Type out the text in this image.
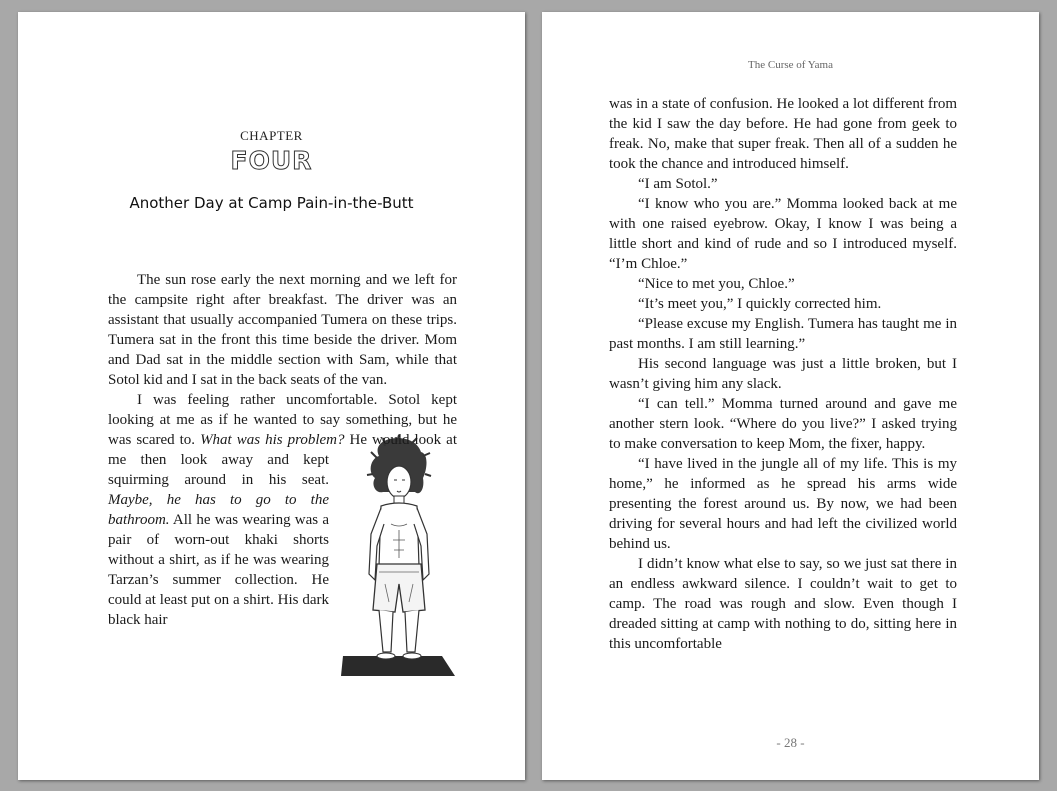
CHAPTER
FOUR
Another Day at Camp Pain-in-the-Butt

The sun rose early the next morning and we left for the campsite right after breakfast. The driver was an assistant that usually accompanied Tumera on these trips. Tumera sat in the front this time beside the driver. Mom and Dad sat in the middle section with Sam, while that Sotol kid and I sat in the back seats of the van.

I was feeling rather uncomfortable. Sotol kept looking at me as if he wanted to say something, but he was scared to.
What was his problem? He would look at me then look away and kept squirming around in his seat. Maybe, he has to go to the bathroom. All he was wearing was a pair of worn-out khaki shorts without a shirt, as if he was wearing Tarzan’s summer collection. He could at least put on a shirt. His dark black hair

The Curse of Yama

was in a state of confusion. He looked a lot different from the kid I saw the day before. He had gone from geek to freak. No, make that super freak. Then all of a sudden he took the chance and introduced himself.

“I am Sotol.”

“I know who you are.” Momma looked back at me with one raised eyebrow. Okay, I know I was being a little short and kind of rude and so I introduced myself. “I’m Chloe.”

“Nice to met you, Chloe.”

“It’s meet you,” I quickly corrected him.

“Please excuse my English. Tumera has taught me in past months. I am still learning.”

His second language was just a little broken, but I wasn’t giving him any slack.

“I can tell.” Momma turned around and gave me another stern look. “Where do you live?” I asked trying to make conversation to keep Mom, the fixer, happy.

“I have lived in the jungle all of my life. This is my home,” he informed as he spread his arms wide presenting the forest around us. By now, we had been driving for several hours and had left the civilized world behind us.

I didn’t know what else to say, so we just sat there in an endless awkward silence. I couldn’t wait to get to camp. The road was rough and slow. Even though I dreaded sitting at camp with nothing to do, sitting here in this uncomfortable

- 28 -
